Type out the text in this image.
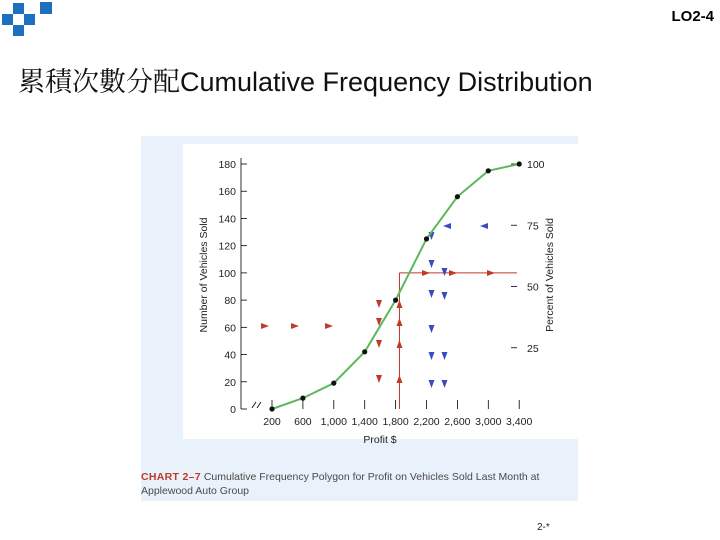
LO2-4
累積次數分配Cumulative Frequency Distribution
0
20
40
60
80
100
120
140
160
180
200 600 1,000 1,400 1,800 2,200 2,600 3,000 3,400
Profit $
Number of Vehicles Sold	Percent of Vehicles Sold
25
50
75
100
CHART 2–7 Cumulative Frequency Polygon for Profit on Vehicles Sold Last Month at Applewood Auto Group
2-*
